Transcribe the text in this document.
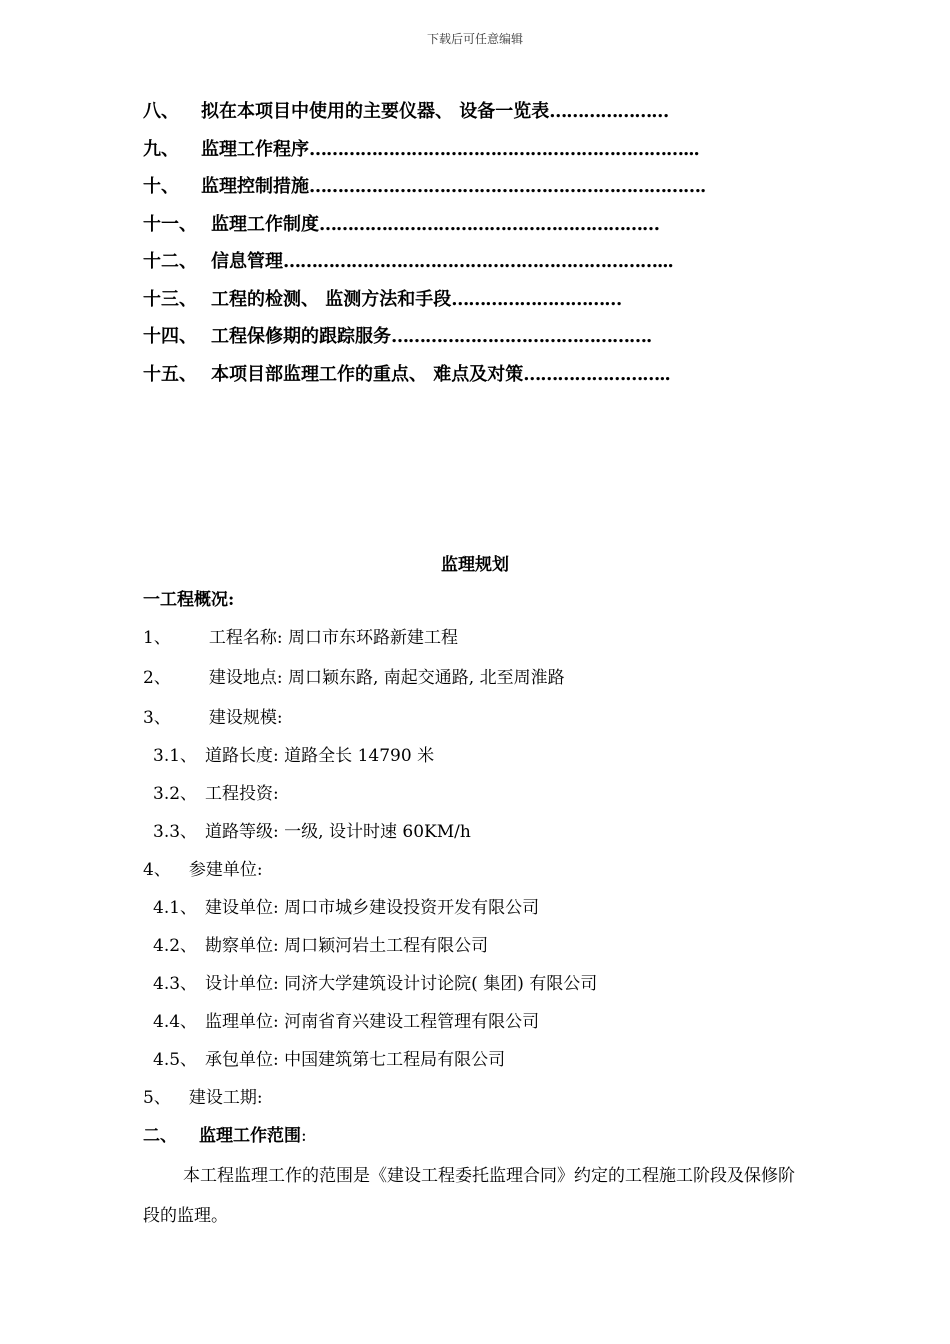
下载后可任意编辑
八、 拟在本项目中使用的主要仪器、 设备一览表…………………
九、 监理工作程序…………………………………………………………...
十、 监理控制措施…………………………………………………………….
十一、 监理工作制度……………………………………………………
十二、 信息管理…………………………………………………………...
十三、 工程的检测、 监测方法和手段…………………………
十四、 工程保修期的跟踪服务……………………………………….
十五、 本项目部监理工作的重点、 难点及对策……………………..
监理规划
一工程概况:
1、 工程名称: 周口市东环路新建工程
2、 建设地点: 周口颖东路, 南起交通路, 北至周淮路
3、 建设规模:
3.1、 道路长度: 道路全长 14790 米
3.2、 工程投资:
3.3、 道路等级: 一级, 设计时速 60KM/h
4、 参建单位:
4.1、 建设单位: 周口市城乡建设投资开发有限公司
4.2、 勘察单位: 周口颖河岩土工程有限公司
4.3、 设计单位: 同济大学建筑设计讨论院( 集团) 有限公司
4.4、 监理单位: 河南省育兴建设工程管理有限公司
4.5、 承包单位: 中国建筑第七工程局有限公司
5、 建设工期:
二、 监理工作范围:
本工程监理工作的范围是《建设工程委托监理合同》约定的工程施工阶段及保修阶段的监理。
